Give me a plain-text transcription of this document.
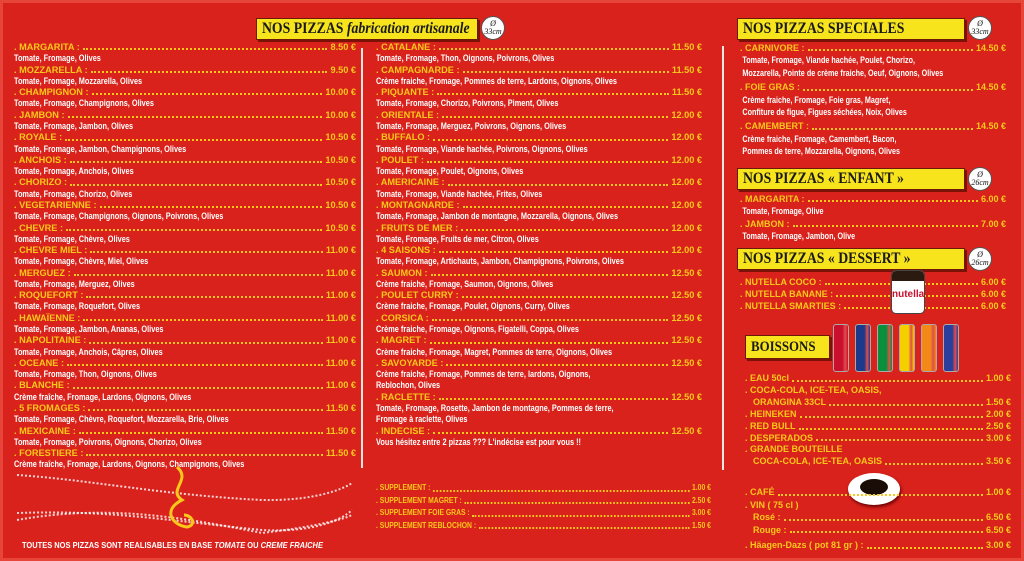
NOS PIZZAS fabrication artisanale	Ø
33cm
. MARGARITA :	8.50 €
Tomate, Fromage, Olives
. MOZZARELLA :	9.50 €
Tomate, Fromage, Mozzarella, Olives
. CHAMPIGNON :	10.00 €
Tomate, Fromage, Champignons, Olives
. JAMBON :	10.00 €
Tomate, Fromage, Jambon, Olives
. ROYALE :	10.50 €
Tomate, Fromage, Jambon, Champignons, Olives
. ANCHOIS :	10.50 €
Tomate, Fromage, Anchois, Olives
. CHORIZO :	10.50 €
Tomate, Fromage, Chorizo, Olives
. VEGETARIENNE :	10.50 €
Tomate, Fromage, Champignons, Oignons, Poivrons, Olives
. CHEVRE :	10.50 €
Tomate, Fromage, Chèvre, Olives
. CHEVRE MIEL :	11.00 €
Tomate, Fromage, Chèvre, Miel, Olives
. MERGUEZ :	11.00 €
Tomate, Fromage, Merguez, Olives
. ROQUEFORT :	11.00 €
Tomate, Fromage, Roquefort, Olives
. HAWAÏENNE :	11.00 €
Tomate, Fromage, Jambon, Ananas, Olives
. NAPOLITAINE :	11.00 €
Tomate, Fromage, Anchois, Câpres, Olives
. OCEANE :	11.00 €
Tomate, Fromage, Thon, Oignons, Olives
. BLANCHE :	11.00 €
Crème fraîche, Fromage, Lardons, Oignons, Olives
. 5 FROMAGES :	11.50 €
Tomate, Fromage, Chèvre, Roquefort, Mozzarella, Brie, Olives
. MEXICAINE :	11.50 €
Tomate, Fromage, Poivrons, Oignons, Chorizo, Olives
. FORESTIERE :	11.50 €
Crème fraîche, Fromage, Lardons, Oignons, Champignons, Olives
. CATALANE :	11.50 €
Tomate, Fromage, Thon, Oignons, Poivrons, Olives
. CAMPAGNARDE :	11.50 €
Crème fraiche, Fromage, Pommes de terre, Lardons, Oignons, Olives
. PIQUANTE :	11.50 €
Tomate, Fromage, Chorizo, Poivrons, Piment, Olives
. ORIENTALE :	12.00 €
Tomate, Fromage, Merguez, Poivrons, Oignons, Olives
. BUFFALO :	12.00 €
Tomate, Fromage, Viande hachée, Poivrons, Oignons, Olives
. POULET :	12.00 €
Tomate, Fromage, Poulet, Oignons, Olives
. AMERICAINE :	12.00 €
Tomate, Fromage, Viande hachée, Frites, Olives
. MONTAGNARDE :	12.00 €
Tomate, Fromage, Jambon de montagne, Mozzarella, Oignons, Olives
. FRUITS DE MER :	12.00 €
Tomate, Fromage, Fruits de mer, Citron, Olives
. 4 SAISONS :	12.00 €
Tomate, Fromage, Artichauts, Jambon, Champignons, Poivrons, Olives
. SAUMON :	12.50 €
Crème fraiche, Fromage, Saumon, Oignons, Olives
. POULET CURRY :	12.50 €
Crème fraiche, Fromage, Poulet, Oignons, Curry, Olives
. CORSICA :	12.50 €
Crème fraiche, Fromage, Oignons, Figatelli, Coppa, Olives
. MAGRET :	12.50 €
Crème fraiche, Fromage, Magret, Pommes de terre, Oignons, Olives
. SAVOYARDE :	12.50 €
Crème fraiche, Fromage, Pommes de terre, lardons, Oignons,
Reblochon, Olives
. RACLETTE :	12.50 €
Tomate, Fromage, Rosette, Jambon de montagne, Pommes de terre,
Fromage à raclette, Olives
. INDECISE :	12.50 €
Vous hésitez entre 2 pizzas ??? L'indécise est pour vous !!
. SUPPLEMENT :	1.00 €
. SUPPLEMENT MAGRET :	2.50 €
. SUPPLEMENT FOIE GRAS :	3.00 €
. SUPPLEMENT REBLOCHON :	1.50 €
TOUTES NOS PIZZAS SONT REALISABLES EN BASE TOMATE OU CREME FRAICHE
NOS PIZZAS SPECIALES	Ø
33cm
. CARNIVORE :	14.50 €
Tomate, Fromage, Viande hachée, Poulet, Chorizo,
Mozzarella, Pointe de crème fraiche, Oeuf, Oignons, Olives
. FOIE GRAS :	14.50 €
Crème fraiche, Fromage, Foie gras, Magret,
Confiture de figue, Figues séchées, Noix, Olives
. CAMEMBERT :	14.50 €
Crème fraiche, Fromage, Camembert, Bacon,
Pommes de terre, Mozzarella, Oignons, Olives
NOS PIZZAS « ENFANT »	Ø
26cm
. MARGARITA :	6.00 €
Tomate, Fromage, Olive
. JAMBON :	7.00 €
Tomate, Fromage, Jambon, Olive
NOS PIZZAS « DESSERT »	Ø
26cm
. NUTELLA COCO :	6.00 €
. NUTELLA BANANE :	6.00 €
. NUTELLA SMARTIES :	6.00 €
nutella
BOISSONS
. EAU 50cl	1.00 €
. COCA-COLA, ICE-TEA, OASIS,
ORANGINA 33CL	1.50 €
. HEINEKEN	2.00 €
. RED BULL	2.50 €
. DESPERADOS	3.00 €
. GRANDE BOUTEILLE
COCA-COLA, ICE-TEA, OASIS	3.50 €
. CAFÉ	1.00 €
. VIN ( 75 cl )
Rosé :	6.50 €
Rouge :	6.50 €
. Häagen-Dazs ( pot 81 gr ) :	3.00 €
